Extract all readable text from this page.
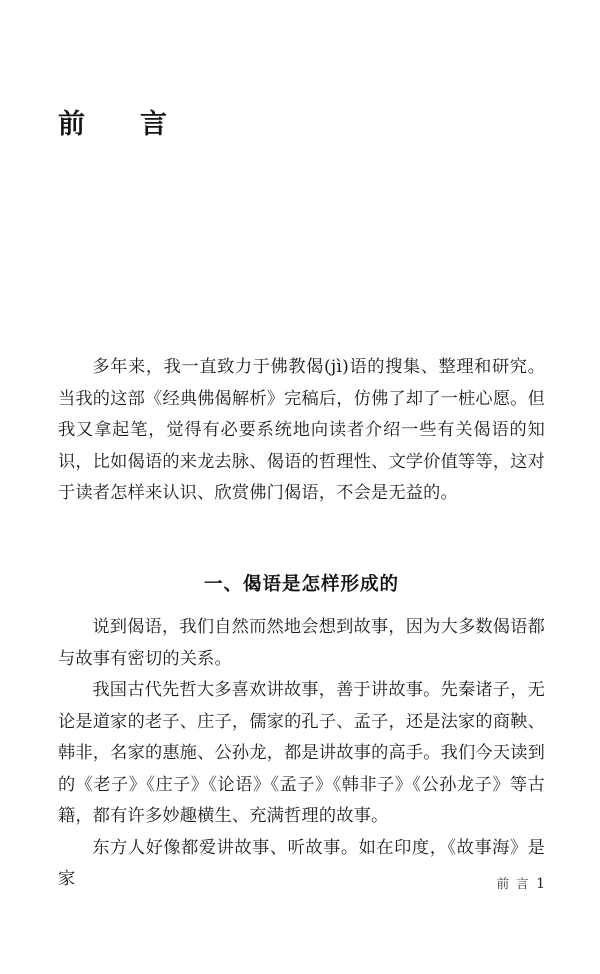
前　言

多年来，我一直致力于佛教偈(jì)语的搜集、整理和研究。当我的这部《经典佛偈解析》完稿后，仿佛了却了一桩心愿。但我又拿起笔，觉得有必要系统地向读者介绍一些有关偈语的知识，比如偈语的来龙去脉、偈语的哲理性、文学价值等等，这对于读者怎样来认识、欣赏佛门偈语，不会是无益的。

一、偈语是怎样形成的

说到偈语，我们自然而然地会想到故事，因为大多数偈语都与故事有密切的关系。

我国古代先哲大多喜欢讲故事，善于讲故事。先秦诸子，无论是道家的老子、庄子，儒家的孔子、孟子，还是法家的商鞅、韩非，名家的惠施、公孙龙，都是讲故事的高手。我们今天读到的《老子》《庄子》《论语》《孟子》《韩非子》《公孙龙子》等古籍，都有许多妙趣横生、充满哲理的故事。

东方人好像都爱讲故事、听故事。如在印度，《故事海》是家	前 言 1
